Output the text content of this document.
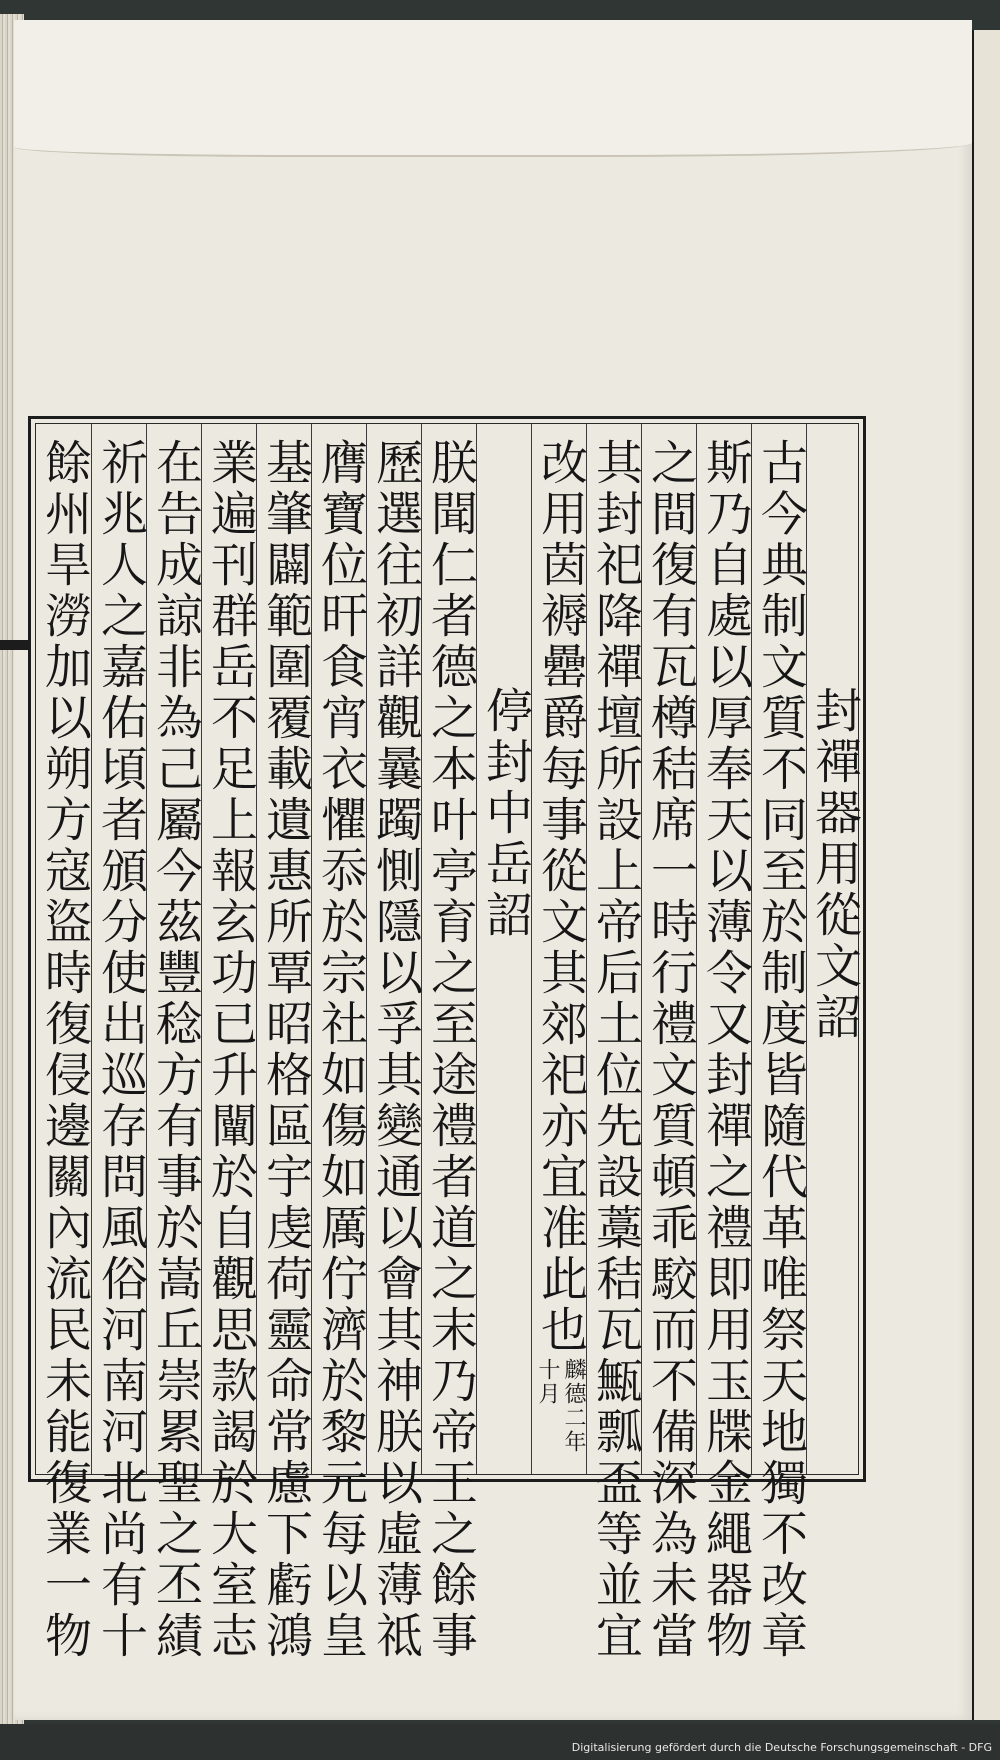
封禪器用從文詔
古今典制文質不同至於制度皆隨代革唯祭天地獨不改章
斯乃自處以厚奉天以薄令又封禪之禮即用玉牒金繩器物
之間復有瓦樽秸席一時行禮文質頓乖駮而不備深為未當
其封祀降禪壇所設上帝后土位先設藁秸瓦甒瓢盃等並宜
改用茵褥罍爵每事從文其郊祀亦宜准此也
麟德二年
十月
停封中岳詔
朕聞仁者德之本叶亭育之至途禮者道之末乃帝王之餘事
歷選往初詳觀曩躅惻隱以孚其變通以會其神朕以虛薄祗
膺寶位旰食宵衣懼忝於宗社如傷如厲佇濟於黎元每以皇
基肇闢範圍覆載遺惠所覃昭格區宇虔荷靈命常慮下虧鴻
業遍刊群岳不足上報玄功已升闡於自觀思款謁於大室志
在告成諒非為己屬今茲豐稔方有事於嵩丘崇累聖之丕績
祈兆人之嘉佑頃者頒分使出巡存問風俗河南河北尚有十
餘州旱澇加以朔方寇盜時復侵邊關內流民未能復業一物
Digitalisierung gefördert durch die Deutsche Forschungsgemeinschaft - DFG
